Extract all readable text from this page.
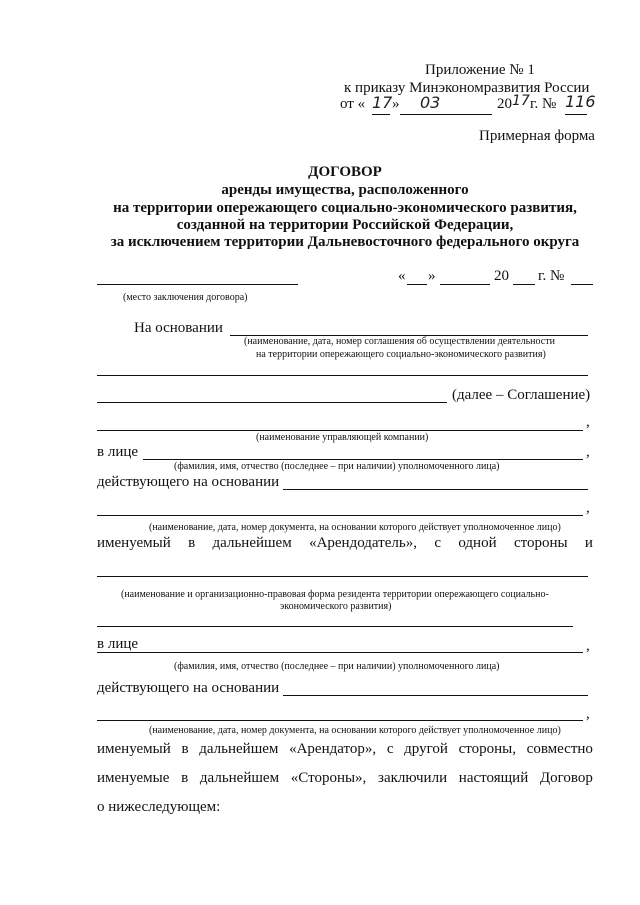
Приложение № 1
к приказу Минэкономразвития России
от « 17 » 03	20 17 г. № 116
Примерная форма
ДОГОВОР
аренды имущества, расположенного
на территории опережающего социально-экономического развития,
созданной на территории Российской Федерации,
за исключением территории Дальневосточного федерального округа
« »	20 г. №
(место заключения договора)
На основании
(наименование, дата, номер соглашения об осуществлении деятельности
на территории опережающего социально-экономического развития)
(далее – Соглашение)
,
(наименование управляющей компании)
в лице	,
(фамилия, имя, отчество (последнее – при наличии) уполномоченного лица)
действующего на основании
,
(наименование, дата, номер документа, на основании которого действует уполномоченное лицо)
именуемый в дальнейшем «Арендодатель», с одной стороны и
(наименование и организационно-правовая форма резидента территории опережающего социально-
экономического развития)
в лице	,
(фамилия, имя, отчество (последнее – при наличии) уполномоченного лица)
действующего на основании
,
(наименование, дата, номер документа, на основании которого действует уполномоченное лицо)
именуемый в дальнейшем «Арендатор», с другой стороны, совместно
именуемые в дальнейшем «Стороны», заключили настоящий Договор
о нижеследующем:
